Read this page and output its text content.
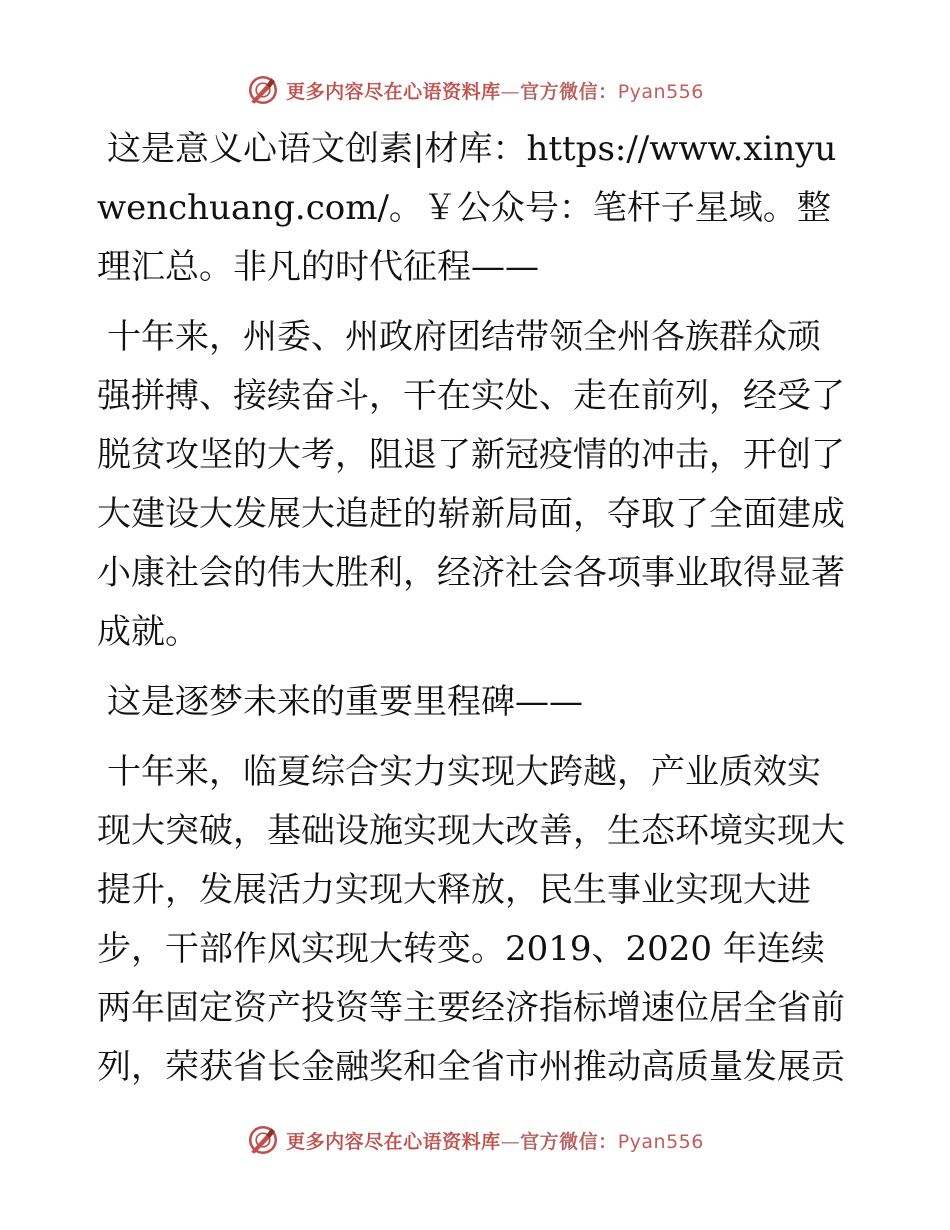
更多内容尽在心语资料库—官方微信：Pyan556

这是意义心语文创素|材库：https://www.xinyuwenchuang.com/。￥公众号：笔杆子星域。整理汇总。非凡的时代征程——

十年来，州委、州政府团结带领全州各族群众顽强拼搏、接续奋斗，干在实处、走在前列，经受了脱贫攻坚的大考，阻退了新冠疫情的冲击，开创了大建设大发展大追赶的崭新局面，夺取了全面建成小康社会的伟大胜利，经济社会各项事业取得显著成就。

这是逐梦未来的重要里程碑——

十年来，临夏综合实力实现大跨越，产业质效实现大突破，基础设施实现大改善，生态环境实现大提升，发展活力实现大释放，民生事业实现大进步，干部作风实现大转变。2019、2020 年连续两年固定资产投资等主要经济指标增速位居全省前列，荣获省长金融奖和全省市州推动高质量发展贡

更多内容尽在心语资料库—官方微信：Pyan556
